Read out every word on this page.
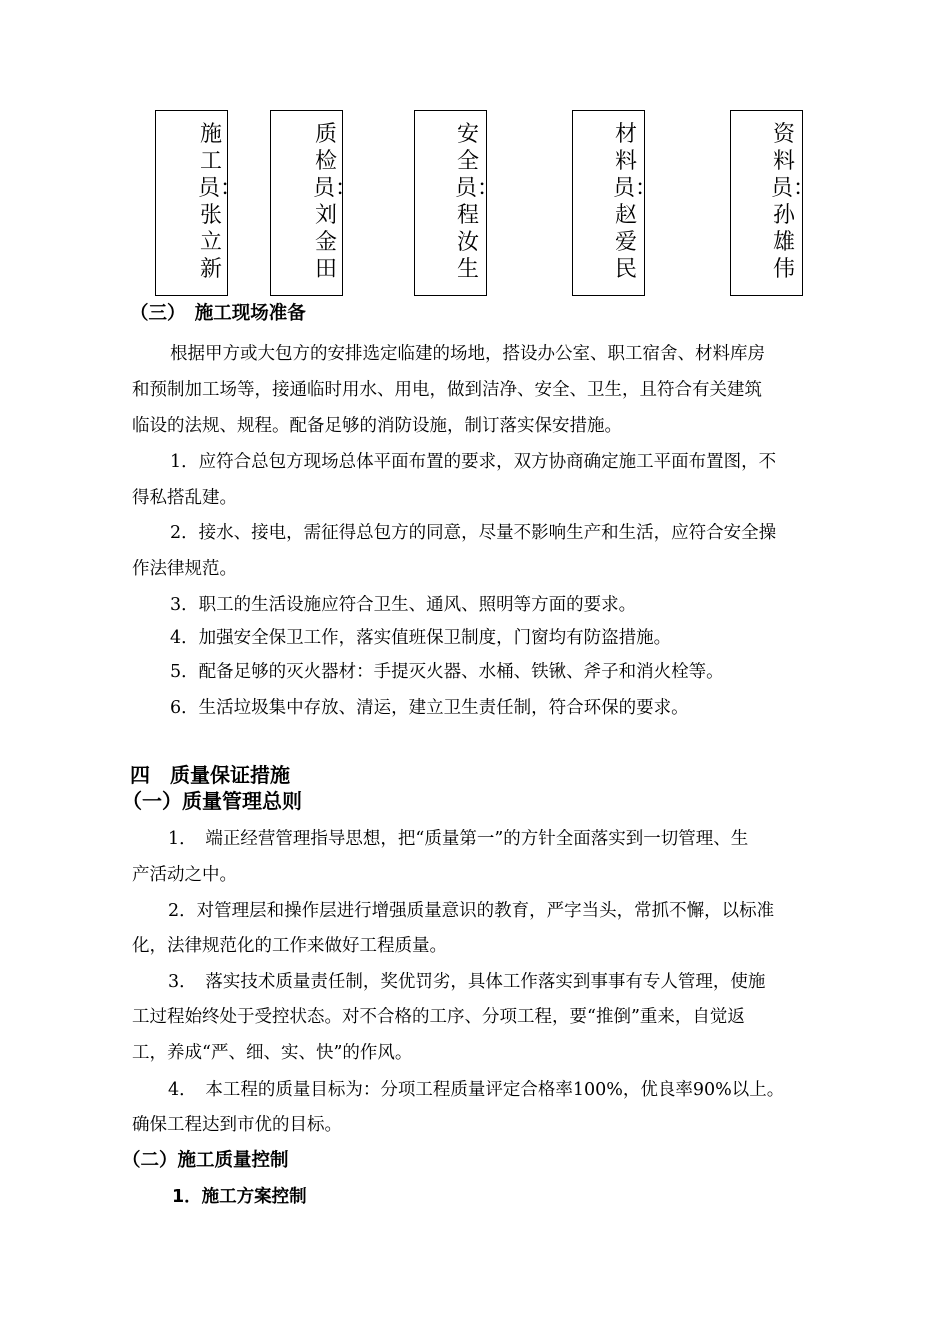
施工员：张立新
质检员：刘金田
安全员：程汝生
材料员：赵爱民
资料员：孙雄伟
（三）　施工现场准备
根据甲方或大包方的安排选定临建的场地，搭设办公室、职工宿舍、材料库房
和预制加工场等，接通临时用水、用电，做到洁净、安全、卫生，且符合有关建筑
临设的法规、规程。配备足够的消防设施，制订落实保安措施。
1．应符合总包方现场总体平面布置的要求，双方协商确定施工平面布置图，不
得私搭乱建。
2．接水、接电，需征得总包方的同意，尽量不影响生产和生活，应符合安全操
作法律规范。
3．职工的生活设施应符合卫生、通风、照明等方面的要求。
4．加强安全保卫工作，落实值班保卫制度，门窗均有防盗措施。
5．配备足够的灭火器材：手提灭火器、水桶、铁锹、斧子和消火栓等。
6．生活垃圾集中存放、清运，建立卫生责任制，符合环保的要求。
四　质量保证措施
（一）质量管理总则
1．　端正经营管理指导思想，把“质量第一”的方针全面落实到一切管理、生
产活动之中。
2．对管理层和操作层进行增强质量意识的教育，严字当头，常抓不懈，以标准
化，法律规范化的工作来做好工程质量。
3．　落实技术质量责任制，奖优罚劣，具体工作落实到事事有专人管理，使施
工过程始终处于受控状态。对不合格的工序、分项工程，要“推倒”重来，自觉返
工，养成“严、细、实、快”的作风。
4．　本工程的质量目标为：分项工程质量评定合格率100%，优良率90%以上。
确保工程达到市优的目标。
（二）施工质量控制
1．施工方案控制
